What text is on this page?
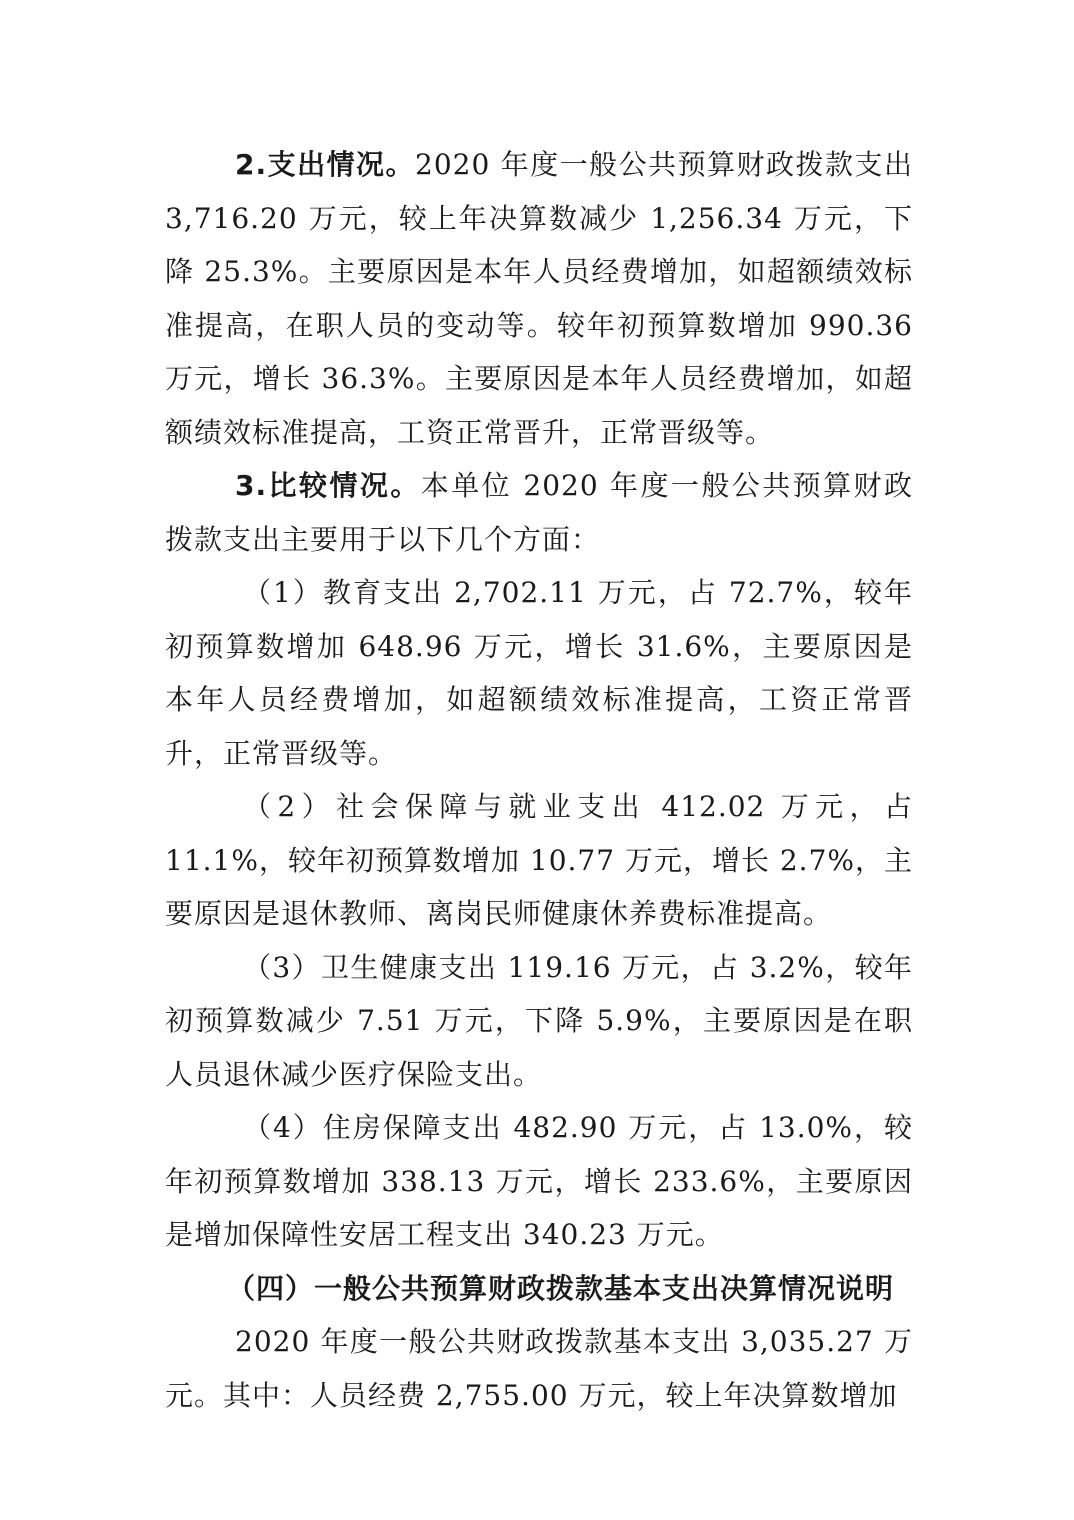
2.支出情况。2020 年度一般公共预算财政拨款支出 3,716.20 万元，较上年决算数减少 1,256.34 万元，下降 25.3%。主要原因是本年人员经费增加，如超额绩效标准提高，在职人员的变动等。较年初预算数增加 990.36 万元，增长 36.3%。主要原因是本年人员经费增加，如超额绩效标准提高，工资正常晋升，正常晋级等。

3.比较情况。本单位 2020 年度一般公共预算财政拨款支出主要用于以下几个方面：

（1）教育支出 2,702.11 万元，占 72.7%，较年初预算数增加 648.96 万元，增长 31.6%，主要原因是本年人员经费增加，如超额绩效标准提高，工资正常晋升，正常晋级等。

（2）社会保障与就业支出 412.02 万元，占 11.1%，较年初预算数增加 10.77 万元，增长 2.7%，主要原因是退休教师、离岗民师健康休养费标准提高。

（3）卫生健康支出 119.16 万元，占 3.2%，较年初预算数减少 7.51 万元，下降 5.9%，主要原因是在职人员退休减少医疗保险支出。

（4）住房保障支出 482.90 万元，占 13.0%，较年初预算数增加 338.13 万元，增长 233.6%，主要原因是增加保障性安居工程支出 340.23 万元。

（四）一般公共预算财政拨款基本支出决算情况说明

2020 年度一般公共财政拨款基本支出 3,035.27 万元。其中：人员经费 2,755.00 万元，较上年决算数增加
